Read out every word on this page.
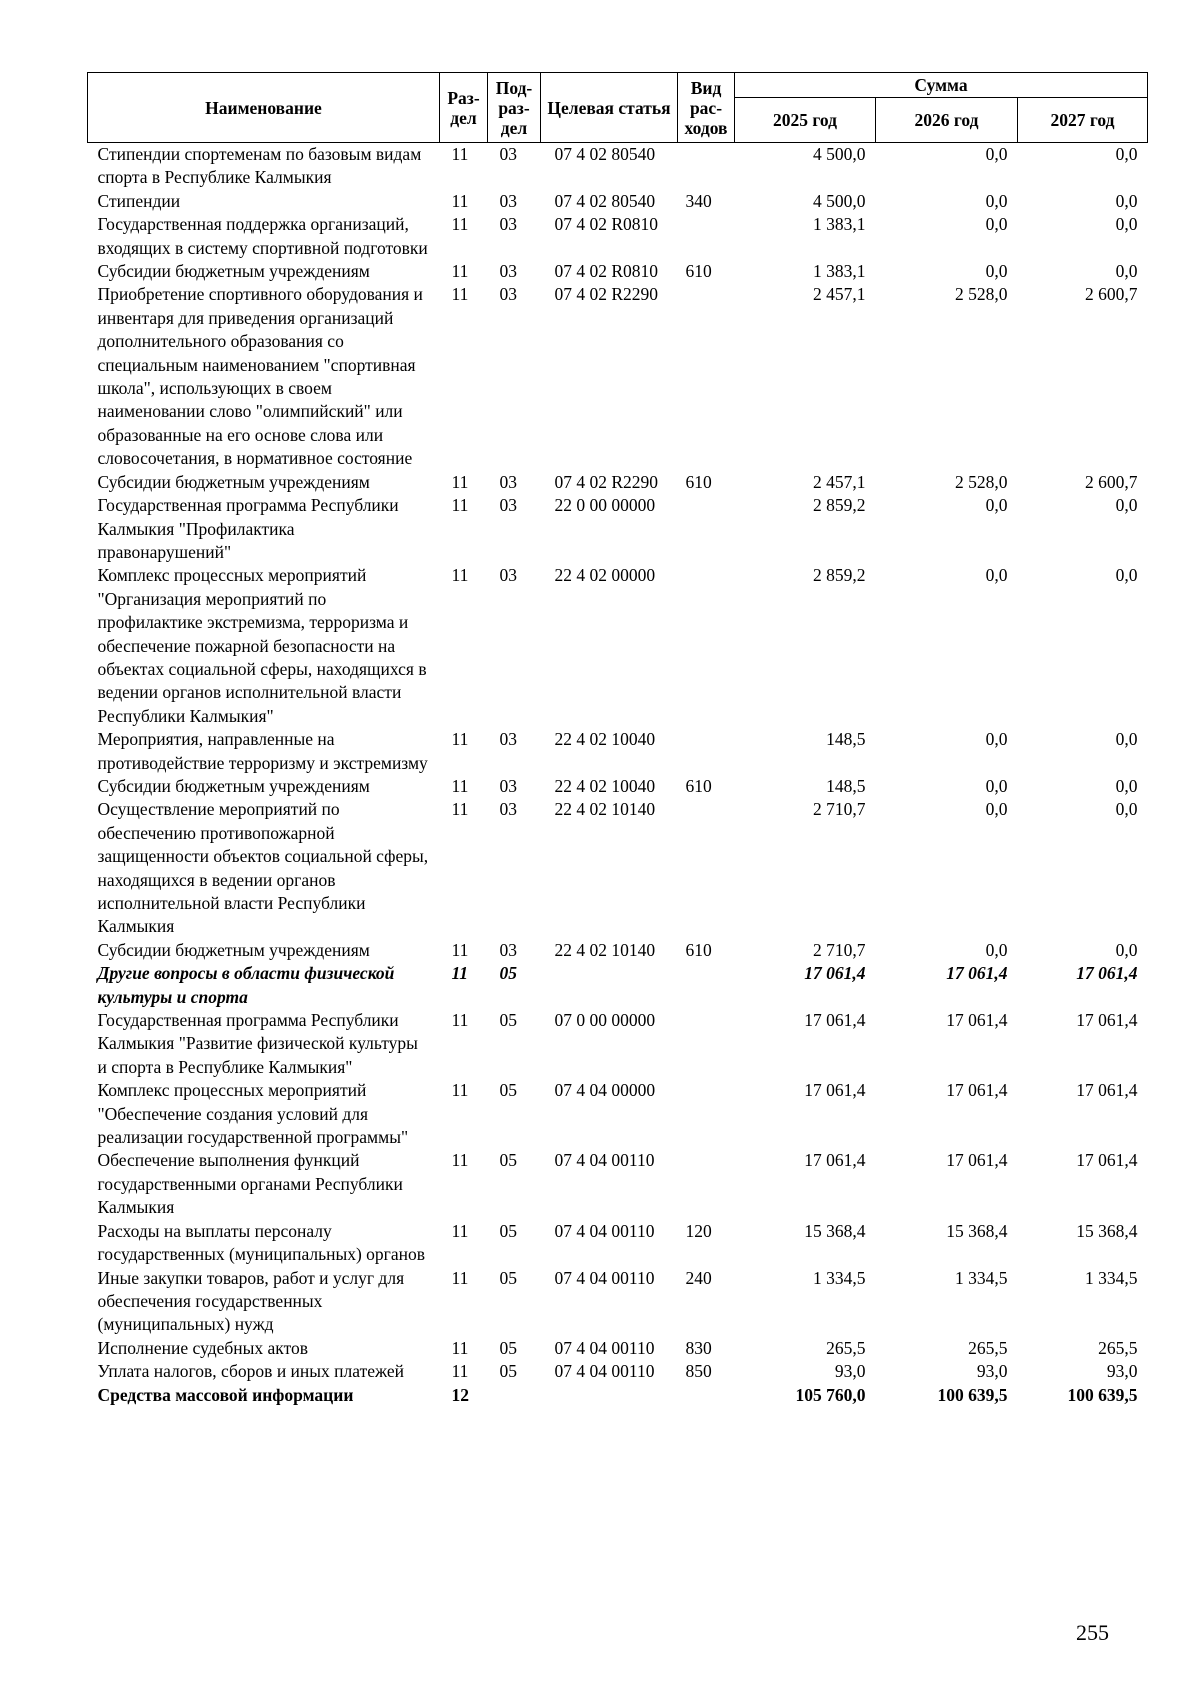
Наименование	Раз-дел	Под-раз-дел	Целевая статья	Вид рас-ходов	Сумма		
					2025 год	2026 год	2027 год
Стипендии спортеменам по базовым видам спорта в Республике Калмыкия	11	03	07 4 02 80540		4 500,0	0,0	0,0
Стипендии	11	03	07 4 02 80540	340	4 500,0	0,0	0,0
Государственная поддержка организаций, входящих в систему спортивной подготовки	11	03	07 4 02 R0810		1 383,1	0,0	0,0
Субсидии бюджетным учреждениям	11	03	07 4 02 R0810	610	1 383,1	0,0	0,0
Приобретение спортивного оборудования и инвентаря для приведения организаций дополнительного образования со специальным наименованием "спортивная школа", использующих в своем наименовании слово "олимпийский" или образованные на его основе слова или словосочетания, в нормативное состояние	11	03	07 4 02 R2290		2 457,1	2 528,0	2 600,7
Субсидии бюджетным учреждениям	11	03	07 4 02 R2290	610	2 457,1	2 528,0	2 600,7
Государственная программа Республики Калмыкия "Профилактика правонарушений"	11	03	22 0 00 00000		2 859,2	0,0	0,0
Комплекс процессных мероприятий "Организация мероприятий по профилактике экстремизма, терроризма и обеспечение пожарной безопасности на объектах социальной сферы, находящихся в ведении органов исполнительной власти Республики Калмыкия"	11	03	22 4 02 00000		2 859,2	0,0	0,0
Мероприятия, направленные на противодействие терроризму и экстремизму	11	03	22 4 02 10040		148,5	0,0	0,0
Субсидии бюджетным учреждениям	11	03	22 4 02 10040	610	148,5	0,0	0,0
Осуществление мероприятий по обеспечению противопожарной защищенности объектов социальной сферы, находящихся в ведении органов исполнительной власти Республики Калмыкия	11	03	22 4 02 10140		2 710,7	0,0	0,0
Субсидии бюджетным учреждениям	11	03	22 4 02 10140	610	2 710,7	0,0	0,0
Другие вопросы в области физической культуры и спорта	11	05			17 061,4	17 061,4	17 061,4
Государственная программа Республики Калмыкия "Развитие физической культуры и спорта в Республике Калмыкия"	11	05	07 0 00 00000		17 061,4	17 061,4	17 061,4
Комплекс процессных мероприятий "Обеспечение создания условий для реализации государственной программы"	11	05	07 4 04 00000		17 061,4	17 061,4	17 061,4
Обеспечение выполнения функций государственными органами Республики Калмыкия	11	05	07 4 04 00110		17 061,4	17 061,4	17 061,4
Расходы на выплаты персоналу государственных (муниципальных) органов	11	05	07 4 04 00110	120	15 368,4	15 368,4	15 368,4
Иные закупки товаров, работ и услуг для обеспечения государственных (муниципальных) нужд	11	05	07 4 04 00110	240	1 334,5	1 334,5	1 334,5
Исполнение судебных актов	11	05	07 4 04 00110	830	265,5	265,5	265,5
Уплата налогов, сборов и иных платежей	11	05	07 4 04 00110	850	93,0	93,0	93,0
Средства массовой информации	12				105 760,0	100 639,5	100 639,5
255
